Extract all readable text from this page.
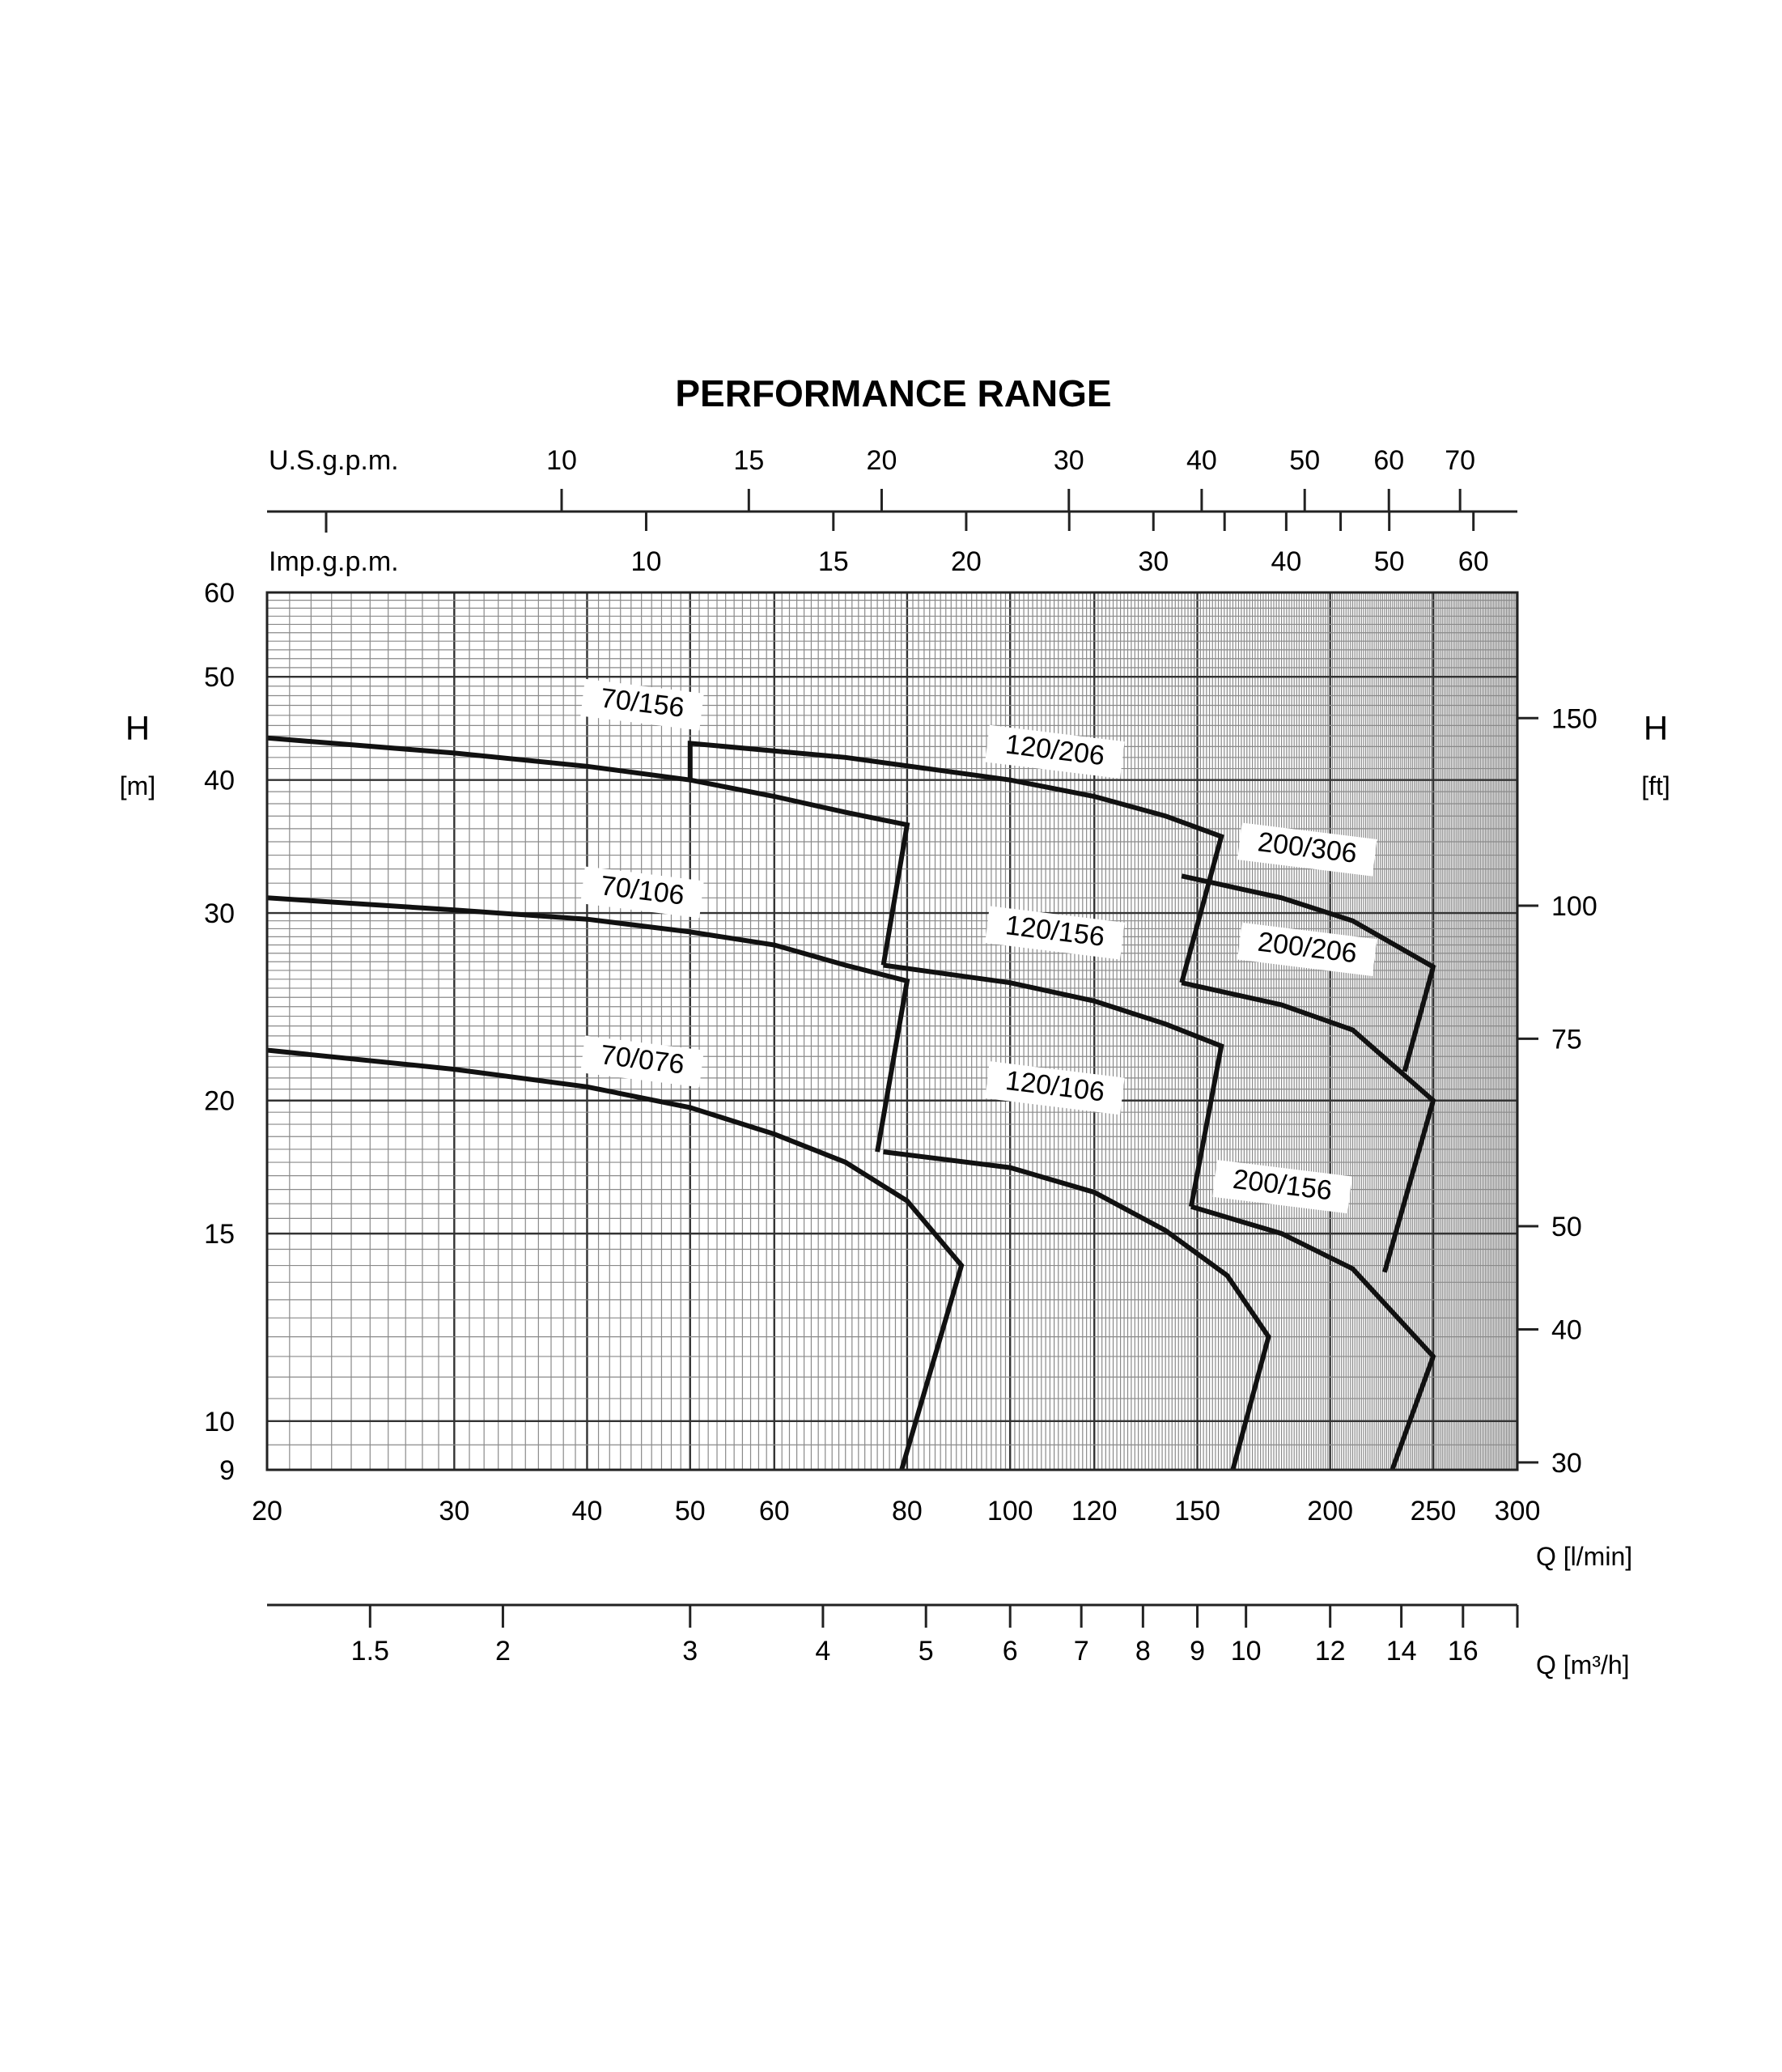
20	30	40	50 60	80 100 120 150	200 250 300
9
10
15
20
30
40
50
60
30
40
50
75
100
150
10	15	20	30	40	50 60 70
10	15	20	30	40	50 60
1.5	2	3	4	5	6 7 8 9 10 12 14 16
70/156
70/106
70/076
120/206
120/156
120/106
200/306
200/206
200/156
PERFORMANCE RANGE
U.S.g.p.m.
Imp.g.p.m.
H
[m]
H
[ft]
Q [l/min]
Q [m³/h]
